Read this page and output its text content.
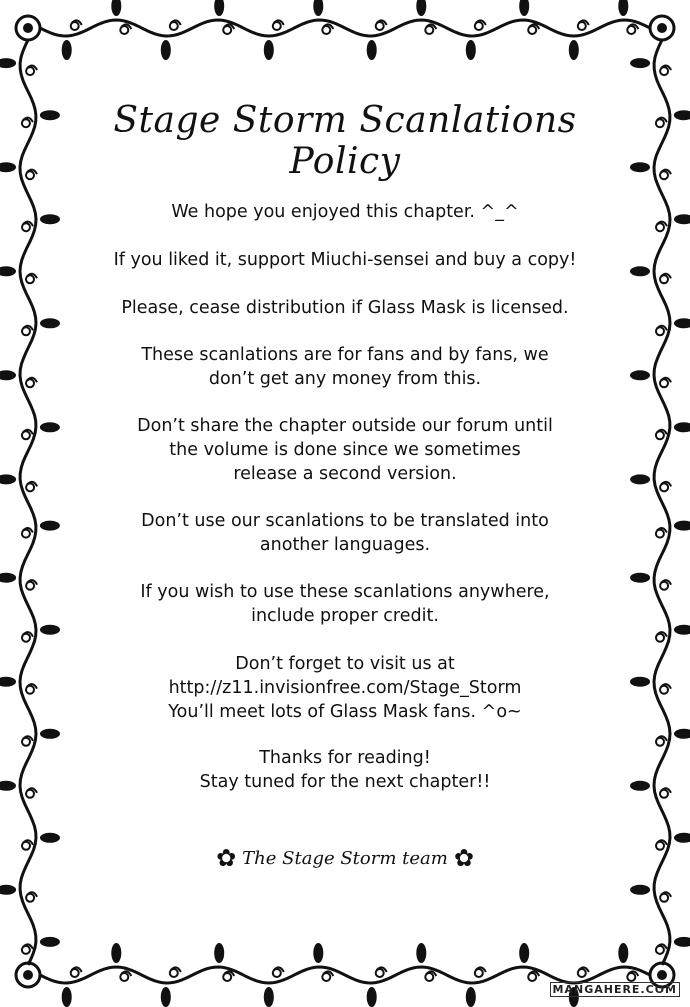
Stage Storm Scanlations Policy
We hope you enjoyed this chapter. ^_^
If you liked it, support Miuchi-sensei and buy a copy!
Please, cease distribution if Glass Mask is licensed.
These scanlations are for fans and by fans, we
don’t get any money from this.
Don’t share the chapter outside our forum until
the volume is done since we sometimes
release a second version.
Don’t use our scanlations to be translated into
another languages.
If you wish to use these scanlations anywhere,
include proper credit.
Don’t forget to visit us at
http://z11.invisionfree.com/Stage_Storm
You’ll meet lots of Glass Mask fans. ^o~
Thanks for reading!
Stay tuned for the next chapter!!
✿ The Stage Storm team ✿
MANGAHERE.COM
